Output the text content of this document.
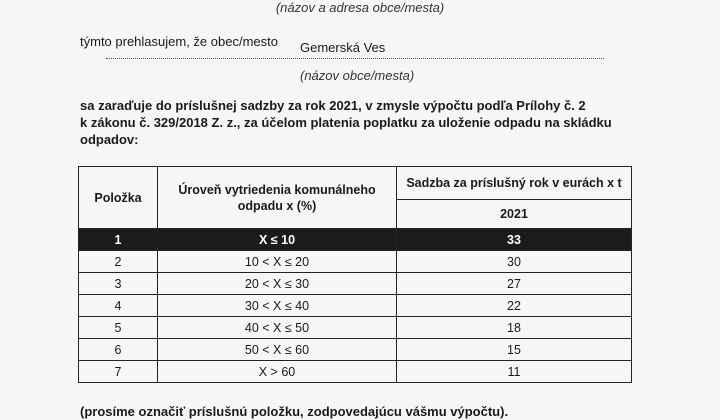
(názov a adresa obce/mesta)
týmto prehlasujem, že obec/mesto Gemerská Ves
(názov obce/mesta)
sa zaraďuje do príslušnej sadzby za rok 2021, v zmysle výpočtu podľa Prílohy č. 2
k zákonu č. 329/2018 Z. z., za účelom platenia poplatku za uloženie odpadu na skládku
odpadov:
Položka	Úroveň vytriedenia komunálneho odpadu x (%)	Sadzba za príslušný rok v eurách x t
		2021
1	X ≤ 10	33
2	10 < X ≤ 20	30
3	20 < X ≤ 30	27
4	30 < X ≤ 40	22
5	40 < X ≤ 50	18
6	50 < X ≤ 60	15
7	X > 60	11
(prosíme označiť príslušnú položku, zodpovedajúcu vášmu výpočtu).
